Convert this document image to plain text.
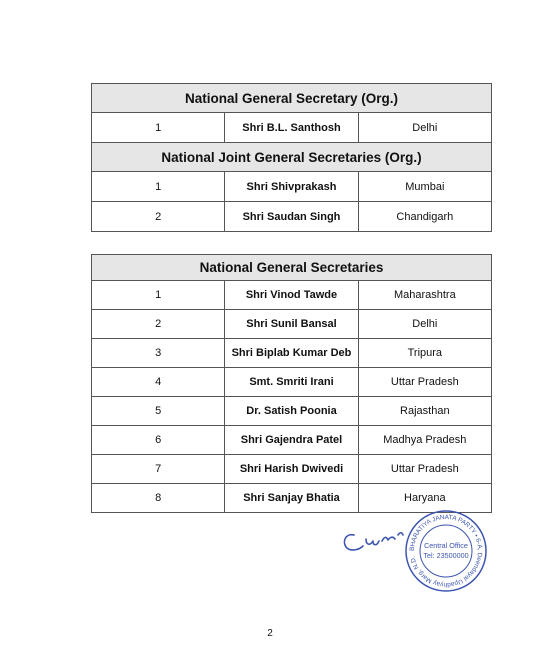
National General Secretary (Org.)		
1	Shri B.L. Santhosh	Delhi
National Joint General Secretaries (Org.)		
1	Shri Shivprakash	Mumbai
2	Shri Saudan Singh	Chandigarh
National General Secretaries		
1	Shri Vinod Tawde	Maharashtra
2	Shri Sunil Bansal	Delhi
3	Shri Biplab Kumar Deb	Tripura
4	Smt. Smriti Irani	Uttar Pradesh
5	Dr. Satish Poonia	Rajasthan
6	Shri Gajendra Patel	Madhya Pradesh
7	Shri Harish Dwivedi	Uttar Pradesh
8	Shri Sanjay Bhatia	Haryana
BHARATIYA JANATA PARTY • 6-A, Deendayal Upadhyay Marg, N.D.
Central Office
Tel: 23500000
2
